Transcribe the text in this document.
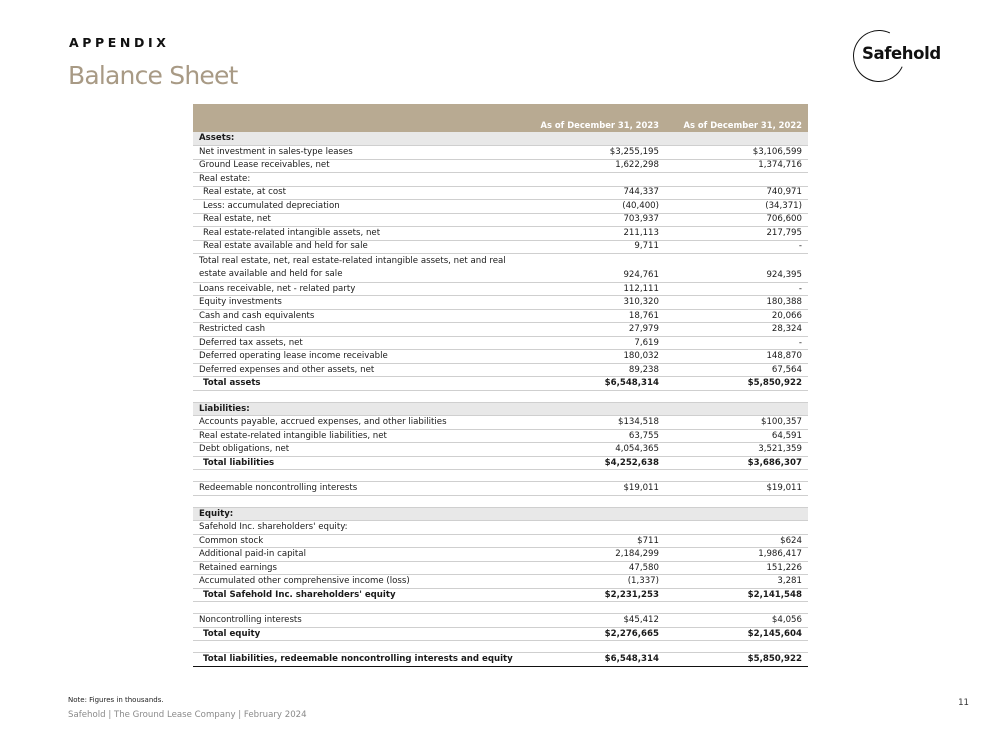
APPENDIX
Balance Sheet
Safehold
	As of December 31, 2023	As of December 31, 2022
Assets:		
Net investment in sales-type leases	$3,255,195	$3,106,599
Ground Lease receivables, net	1,622,298	1,374,716
Real estate:		
Real estate, at cost	744,337	740,971
Less: accumulated depreciation	(40,400)	(34,371)
Real estate, net	703,937	706,600
Real estate-related intangible assets, net	211,113	217,795
Real estate available and held for sale	9,711	-
Total real estate, net, real estate-related intangible assets, net and real estate available and held for sale	924,761	924,395
Loans receivable, net - related party	112,111	-
Equity investments	310,320	180,388
Cash and cash equivalents	18,761	20,066
Restricted cash	27,979	28,324
Deferred tax assets, net	7,619	-
Deferred operating lease income receivable	180,032	148,870
Deferred expenses and other assets, net	89,238	67,564
Total assets	$6,548,314	$5,850,922

Liabilities:		
Accounts payable, accrued expenses, and other liabilities	$134,518	$100,357
Real estate-related intangible liabilities, net	63,755	64,591
Debt obligations, net	4,054,365	3,521,359
Total liabilities	$4,252,638	$3,686,307

Redeemable noncontrolling interests	$19,011	$19,011

Equity:		
Safehold Inc. shareholders' equity:		
Common stock	$711	$624
Additional paid-in capital	2,184,299	1,986,417
Retained earnings	47,580	151,226
Accumulated other comprehensive income (loss)	(1,337)	3,281
Total Safehold Inc. shareholders' equity	$2,231,253	$2,141,548

Noncontrolling interests	$45,412	$4,056
Total equity	$2,276,665	$2,145,604

Total liabilities, redeemable noncontrolling interests and equity	$6,548,314	$5,850,922
Note: Figures in thousands.
Safehold | The Ground Lease Company | February 2024
11
